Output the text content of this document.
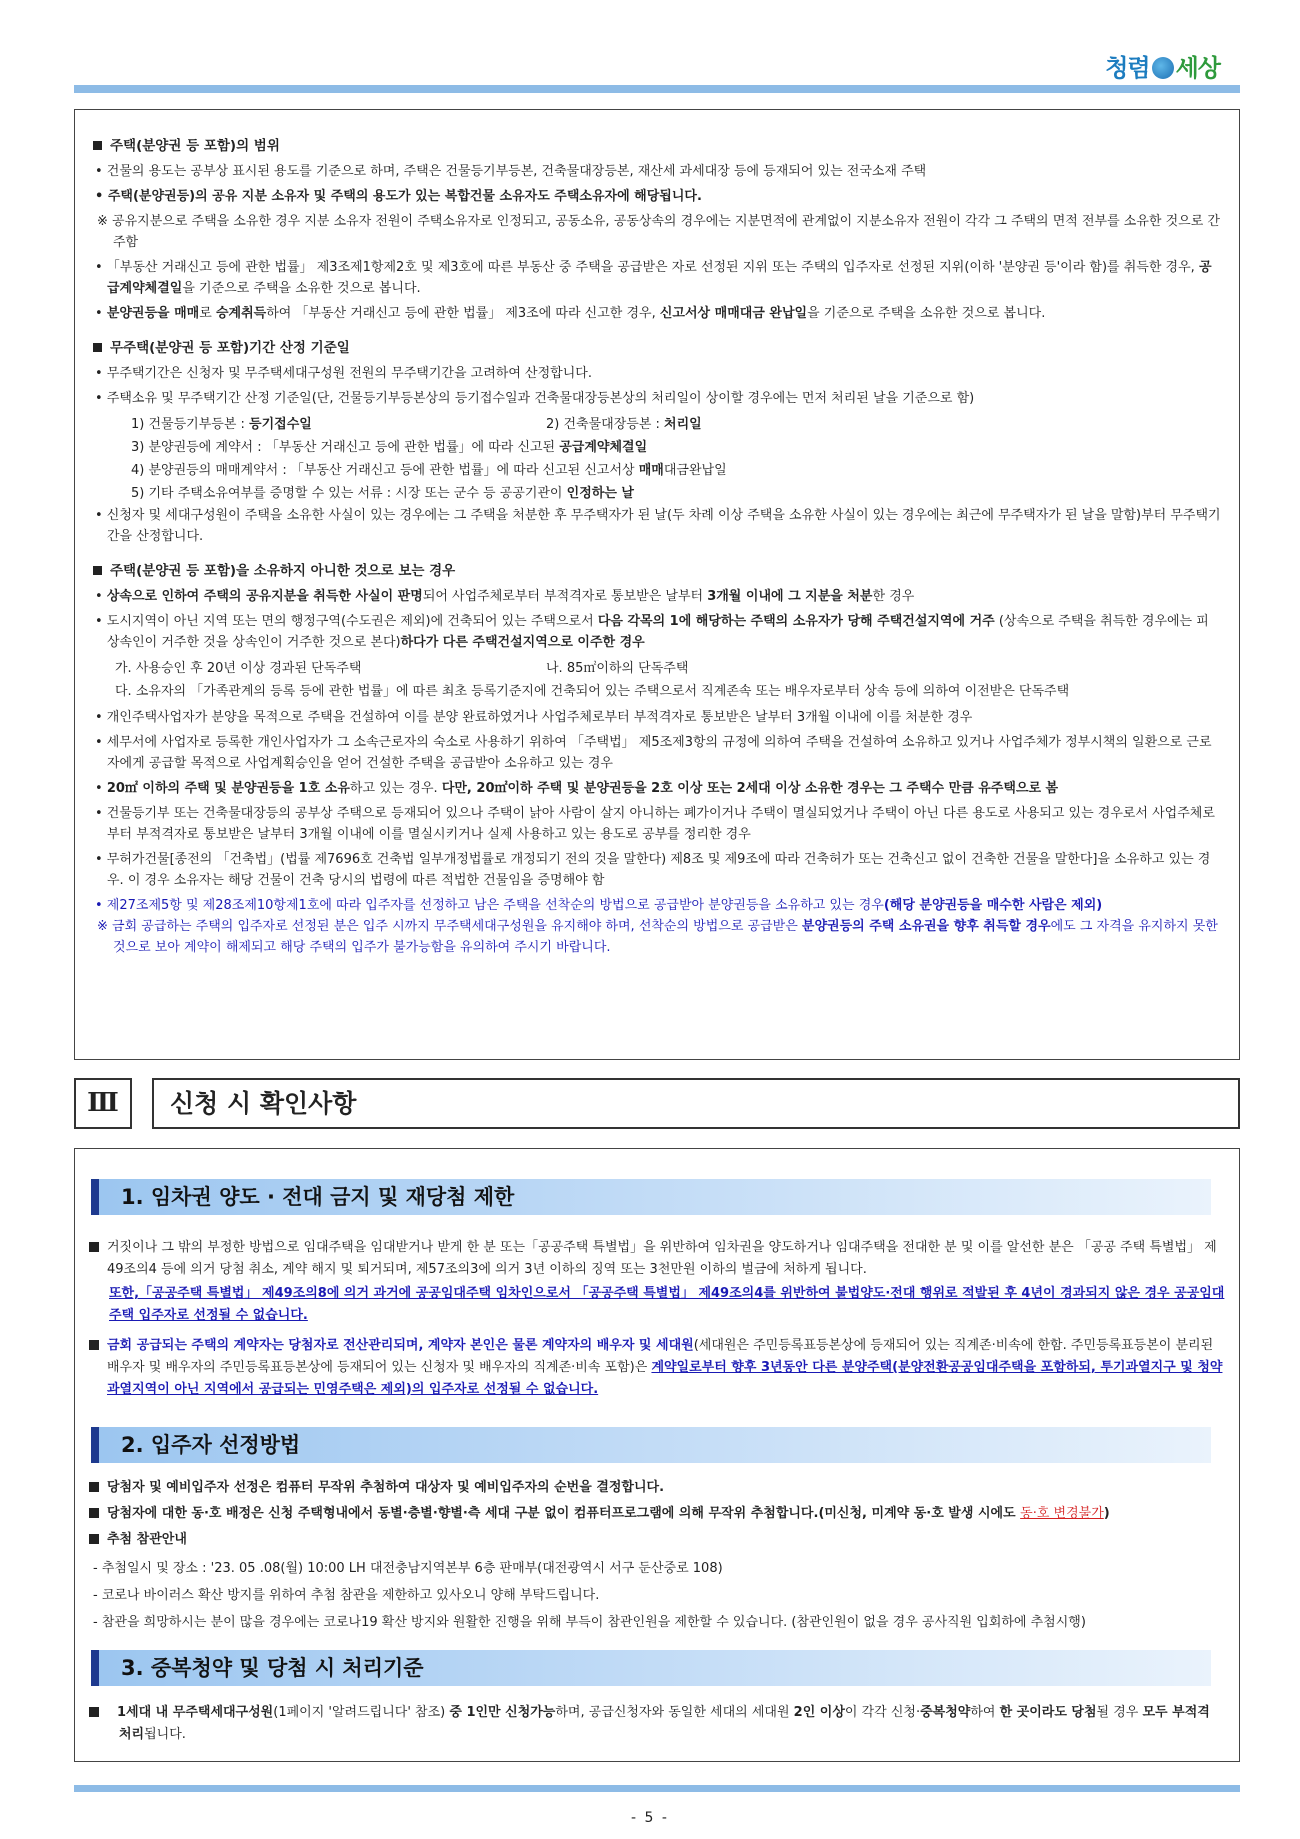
청렴 세상
주택(분양권 등 포함)의 범위
• 건물의 용도는 공부상 표시된 용도를 기준으로 하며, 주택은 건물등기부등본, 건축물대장등본, 재산세 과세대장 등에 등재되어 있는 전국소재 주택
• 주택(분양권등)의 공유 지분 소유자 및 주택의 용도가 있는 복합건물 소유자도 주택소유자에 해당됩니다.
※ 공유지분으로 주택을 소유한 경우 지분 소유자 전원이 주택소유자로 인정되고, 공동소유, 공동상속의 경우에는 지분면적에 관계없이 지분소유자 전원이 각각 그 주택의 면적 전부를 소유한 것으로 간주함
• 「부동산 거래신고 등에 관한 법률」 제3조제1항제2호 및 제3호에 따른 부동산 중 주택을 공급받은 자로 선정된 지위 또는 주택의 입주자로 선정된 지위(이하 '분양권 등'이라 함)를 취득한 경우, 공급계약체결일을 기준으로 주택을 소유한 것으로 봅니다.
• 분양권등을 매매로 승계취득하여 「부동산 거래신고 등에 관한 법률」 제3조에 따라 신고한 경우, 신고서상 매매대금 완납일을 기준으로 주택을 소유한 것으로 봅니다.
무주택(분양권 등 포함)기간 산정 기준일
• 무주택기간은 신청자 및 무주택세대구성원 전원의 무주택기간을 고려하여 산정합니다.
• 주택소유 및 무주택기간 산정 기준일(단, 건물등기부등본상의 등기접수일과 건축물대장등본상의 처리일이 상이할 경우에는 먼저 처리된 날을 기준으로 함)
1) 건물등기부등본 : 등기접수일	2) 건축물대장등본 : 처리일
3) 분양권등에 계약서 : 「부동산 거래신고 등에 관한 법률」에 따라 신고된 공급계약체결일
4) 분양권등의 매매계약서 : 「부동산 거래신고 등에 관한 법률」에 따라 신고된 신고서상 매매대금완납일
5) 기타 주택소유여부를 증명할 수 있는 서류 : 시장 또는 군수 등 공공기관이 인정하는 날
• 신청자 및 세대구성원이 주택을 소유한 사실이 있는 경우에는 그 주택을 처분한 후 무주택자가 된 날(두 차례 이상 주택을 소유한 사실이 있는 경우에는 최근에 무주택자가 된 날을 말함)부터 무주택기간을 산정합니다.
주택(분양권 등 포함)을 소유하지 아니한 것으로 보는 경우
• 상속으로 인하여 주택의 공유지분을 취득한 사실이 판명되어 사업주체로부터 부적격자로 통보받은 날부터 3개월 이내에 그 지분을 처분한 경우
• 도시지역이 아닌 지역 또는 면의 행정구역(수도권은 제외)에 건축되어 있는 주택으로서 다음 각목의 1에 해당하는 주택의 소유자가 당해 주택건설지역에 거주 (상속으로 주택을 취득한 경우에는 피상속인이 거주한 것을 상속인이 거주한 것으로 본다)하다가 다른 주택건설지역으로 이주한 경우
가. 사용승인 후 20년 이상 경과된 단독주택	나. 85㎡이하의 단독주택
다. 소유자의 「가족관계의 등록 등에 관한 법률」에 따른 최초 등록기준지에 건축되어 있는 주택으로서 직계존속 또는 배우자로부터 상속 등에 의하여 이전받은 단독주택
• 개인주택사업자가 분양을 목적으로 주택을 건설하여 이를 분양 완료하였거나 사업주체로부터 부적격자로 통보받은 날부터 3개월 이내에 이를 처분한 경우
• 세무서에 사업자로 등록한 개인사업자가 그 소속근로자의 숙소로 사용하기 위하여 「주택법」 제5조제3항의 규정에 의하여 주택을 건설하여 소유하고 있거나 사업주체가 정부시책의 일환으로 근로자에게 공급할 목적으로 사업계획승인을 얻어 건설한 주택을 공급받아 소유하고 있는 경우
• 20㎡ 이하의 주택 및 분양권등을 1호 소유하고 있는 경우. 다만, 20㎡이하 주택 및 분양권등을 2호 이상 또는 2세대 이상 소유한 경우는 그 주택수 만큼 유주택으로 봄
• 건물등기부 또는 건축물대장등의 공부상 주택으로 등재되어 있으나 주택이 낡아 사람이 살지 아니하는 폐가이거나 주택이 멸실되었거나 주택이 아닌 다른 용도로 사용되고 있는 경우로서 사업주체로부터 부적격자로 통보받은 날부터 3개월 이내에 이를 멸실시키거나 실제 사용하고 있는 용도로 공부를 정리한 경우
• 무허가건물[종전의 「건축법」(법률 제7696호 건축법 일부개정법률로 개정되기 전의 것을 말한다) 제8조 및 제9조에 따라 건축허가 또는 건축신고 없이 건축한 건물을 말한다]을 소유하고 있는 경우. 이 경우 소유자는 해당 건물이 건축 당시의 법령에 따른 적법한 건물임을 증명해야 함
• 제27조제5항 및 제28조제10항제1호에 따라 입주자를 선정하고 남은 주택을 선착순의 방법으로 공급받아 분양권등을 소유하고 있는 경우(해당 분양권등을 매수한 사람은 제외)
※ 금회 공급하는 주택의 입주자로 선정된 분은 입주 시까지 무주택세대구성원을 유지해야 하며, 선착순의 방법으로 공급받은 분양권등의 주택 소유권을 향후 취득할 경우에도 그 자격을 유지하지 못한 것으로 보아 계약이 해제되고 해당 주택의 입주가 불가능함을 유의하여 주시기 바랍니다.
Ⅲ	신청 시 확인사항
1. 임차권 양도 · 전대 금지 및 재당첨 제한
거짓이나 그 밖의 부정한 방법으로 임대주택을 임대받거나 받게 한 분 또는「공공주택 특별법」을 위반하여 임차권을 양도하거나 임대주택을 전대한 분 및 이를 알선한 분은 「공공 주택 특별법」 제49조의4 등에 의거 당첨 취소, 계약 해지 및 퇴거되며, 제57조의3에 의거 3년 이하의 징역 또는 3천만원 이하의 벌금에 처하게 됩니다.
또한,「공공주택 특별법」 제49조의8에 의거 과거에 공공임대주택 임차인으로서 「공공주택 특별법」 제49조의4를 위반하여 불법양도·전대 행위로 적발된 후 4년이 경과되지 않은 경우 공공임대주택 입주자로 선정될 수 없습니다.
금회 공급되는 주택의 계약자는 당첨자로 전산관리되며, 계약자 본인은 물론 계약자의 배우자 및 세대원(세대원은 주민등록표등본상에 등재되어 있는 직계존·비속에 한함. 주민등록표등본이 분리된 배우자 및 배우자의 주민등록표등본상에 등재되어 있는 신청자 및 배우자의 직계존·비속 포함)은 계약일로부터 향후 3년동안 다른 분양주택(분양전환공공임대주택을 포함하되, 투기과열지구 및 청약과열지역이 아닌 지역에서 공급되는 민영주택은 제외)의 입주자로 선정될 수 없습니다.
2. 입주자 선정방법
당첨자 및 예비입주자 선정은 컴퓨터 무작위 추첨하여 대상자 및 예비입주자의 순번을 결정합니다.
당첨자에 대한 동·호 배정은 신청 주택형내에서 동별·층별·향별·측 세대 구분 없이 컴퓨터프로그램에 의해 무작위 추첨합니다.(미신청, 미계약 동·호 발생 시에도 동·호 변경불가)
추첨 참관안내
- 추첨일시 및 장소 : '23. 05 .08(월) 10:00 LH 대전충남지역본부 6층 판매부(대전광역시 서구 둔산중로 108)
- 코로나 바이러스 확산 방지를 위하여 추첨 참관을 제한하고 있사오니 양해 부탁드립니다.
- 참관을 희망하시는 분이 많을 경우에는 코로나19 확산 방지와 원활한 진행을 위해 부득이 참관인원을 제한할 수 있습니다. (참관인원이 없을 경우 공사직원 입회하에 추첨시행)
3. 중복청약 및 당첨 시 처리기준
1세대 내 무주택세대구성원(1페이지 '알려드립니다' 참조) 중 1인만 신청가능하며, 공급신청자와 동일한 세대의 세대원 2인 이상이 각각 신청·중복청약하여 한 곳이라도 당첨될 경우 모두 부적격 처리됩니다.
- 5 -
